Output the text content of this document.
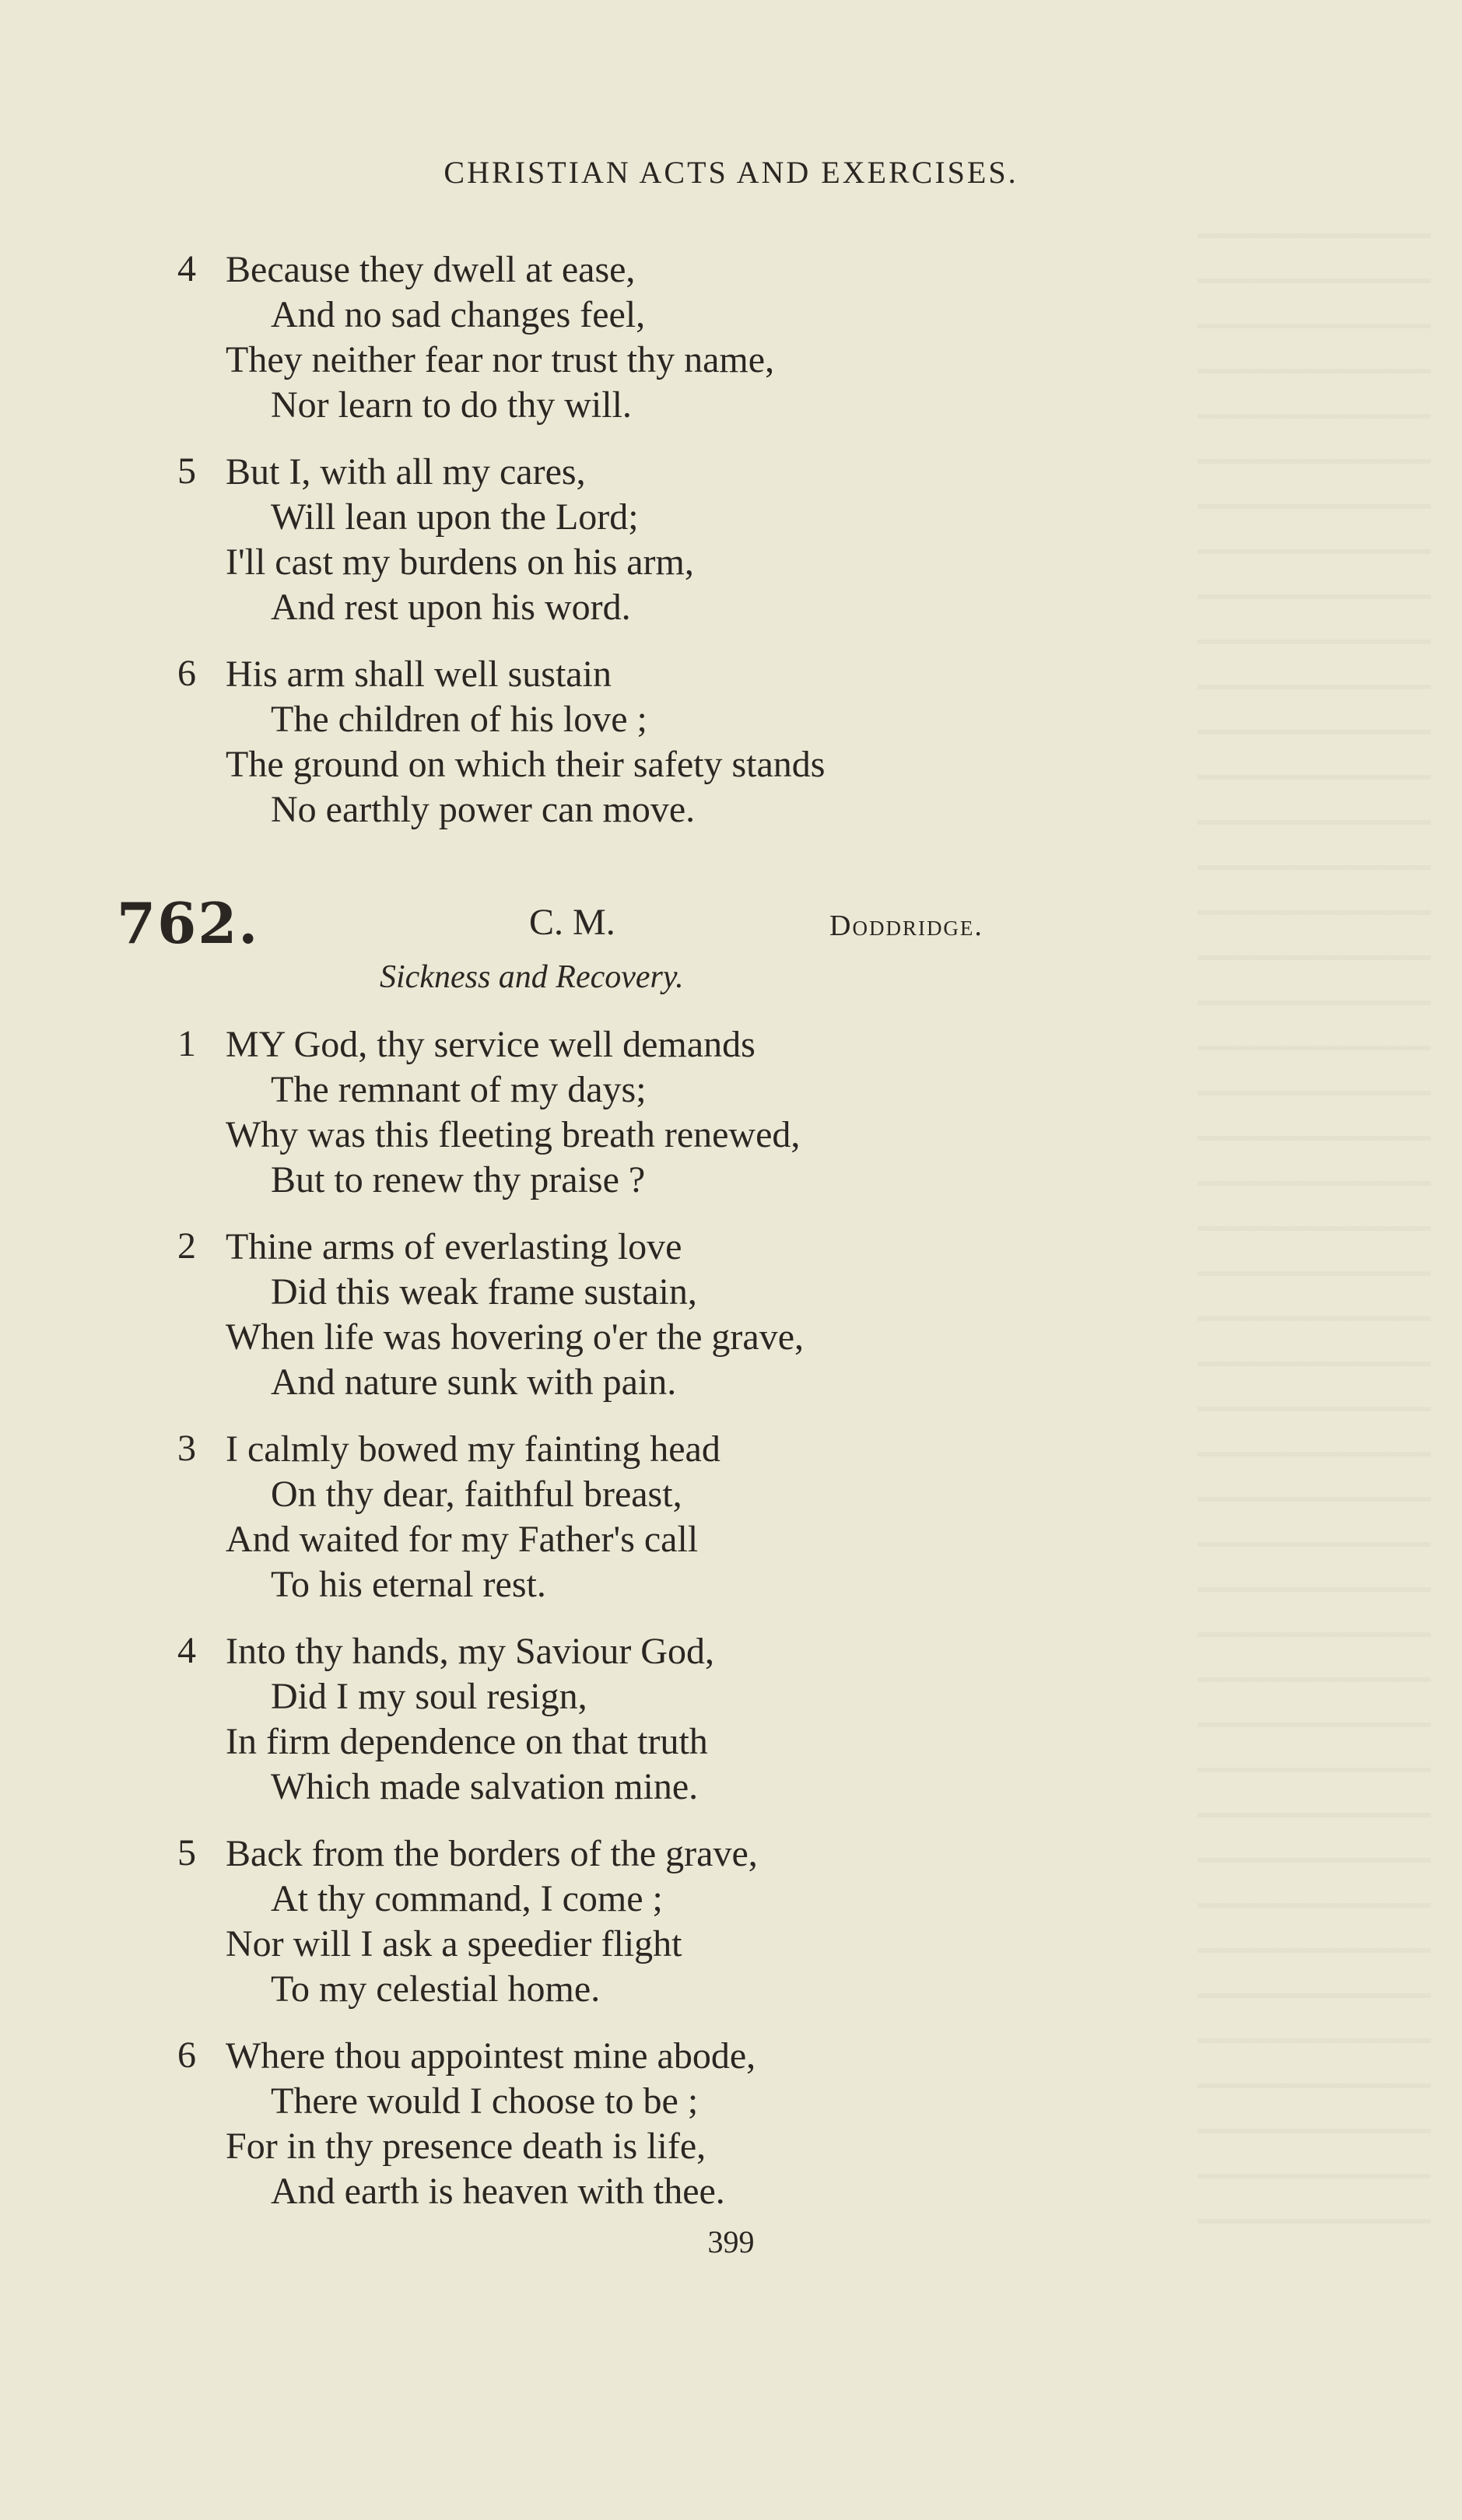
CHRISTIAN ACTS AND EXERCISES.
4 Because they dwell at ease,
And no sad changes feel,
They neither fear nor trust thy name,
Nor learn to do thy will.
5 But I, with all my cares,
Will lean upon the Lord;
I'll cast my burdens on his arm,
And rest upon his word.
6 His arm shall well sustain
The children of his love ;
The ground on which their safety stands
No earthly power can move.
762.	C. M.	Doddridge.
Sickness and Recovery.
1 MY God, thy service well demands
The remnant of my days;
Why was this fleeting breath renewed,
But to renew thy praise ?
2 Thine arms of everlasting love
Did this weak frame sustain,
When life was hovering o'er the grave,
And nature sunk with pain.
3 I calmly bowed my fainting head
On thy dear, faithful breast,
And waited for my Father's call
To his eternal rest.
4 Into thy hands, my Saviour God,
Did I my soul resign,
In firm dependence on that truth
Which made salvation mine.
5 Back from the borders of the grave,
At thy command, I come ;
Nor will I ask a speedier flight
To my celestial home.
6 Where thou appointest mine abode,
There would I choose to be ;
For in thy presence death is life,
And earth is heaven with thee.
399
